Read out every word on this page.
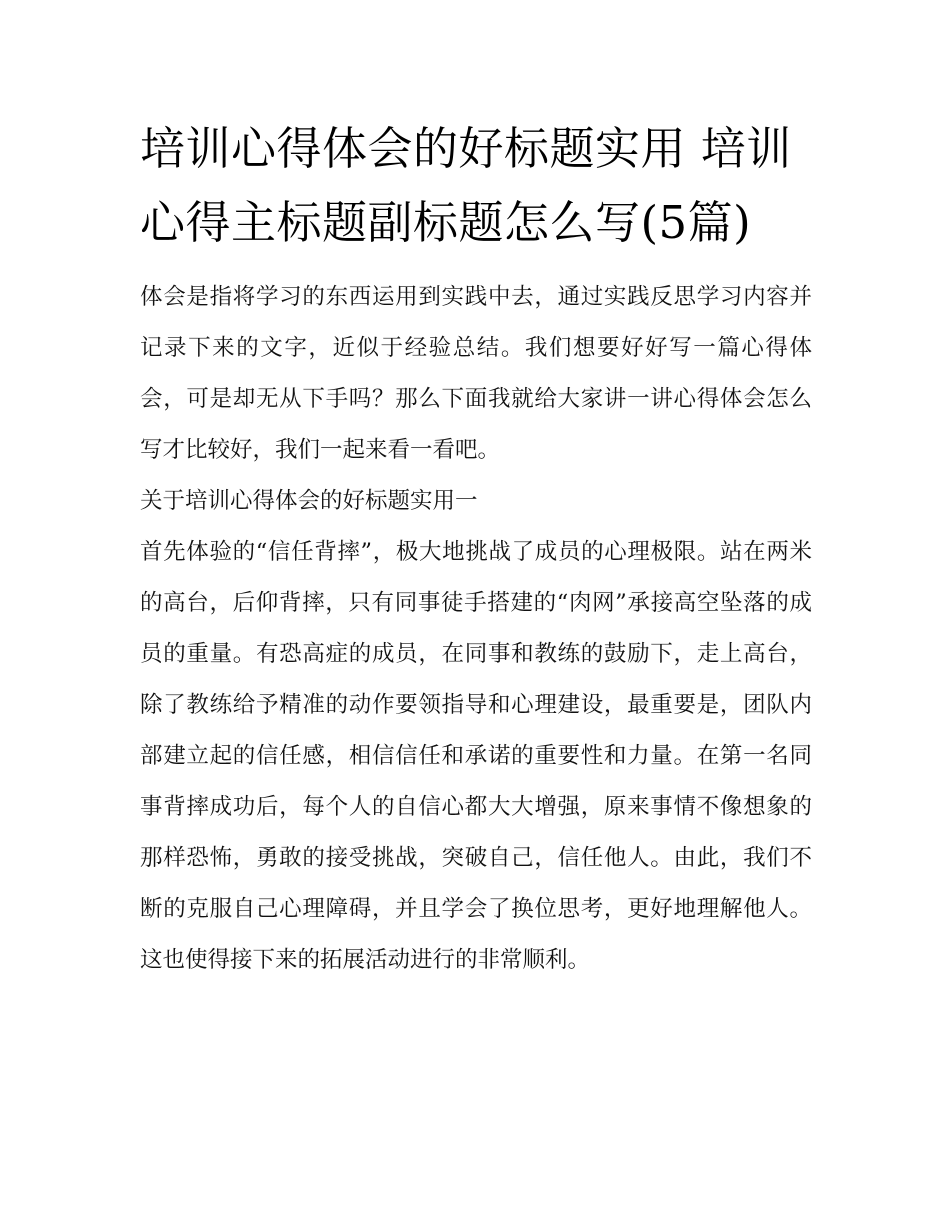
培训心得体会的好标题实用 培训心得主标题副标题怎么写(5篇)

体会是指将学习的东西运用到实践中去，通过实践反思学习内容并记录下来的文字，近似于经验总结。我们想要好好写一篇心得体会，可是却无从下手吗？那么下面我就给大家讲一讲心得体会怎么写才比较好，我们一起来看一看吧。

关于培训心得体会的好标题实用一

首先体验的“信任背摔”，极大地挑战了成员的心理极限。站在两米的高台，后仰背摔，只有同事徒手搭建的“肉网”承接高空坠落的成员的重量。有恐高症的成员，在同事和教练的鼓励下，走上高台，除了教练给予精准的动作要领指导和心理建设，最重要是，团队内部建立起的信任感，相信信任和承诺的重要性和力量。在第一名同事背摔成功后，每个人的自信心都大大增强，原来事情不像想象的那样恐怖，勇敢的接受挑战，突破自己，信任他人。由此，我们不断的克服自己心理障碍，并且学会了换位思考，更好地理解他人。这也使得接下来的拓展活动进行的非常顺利。
